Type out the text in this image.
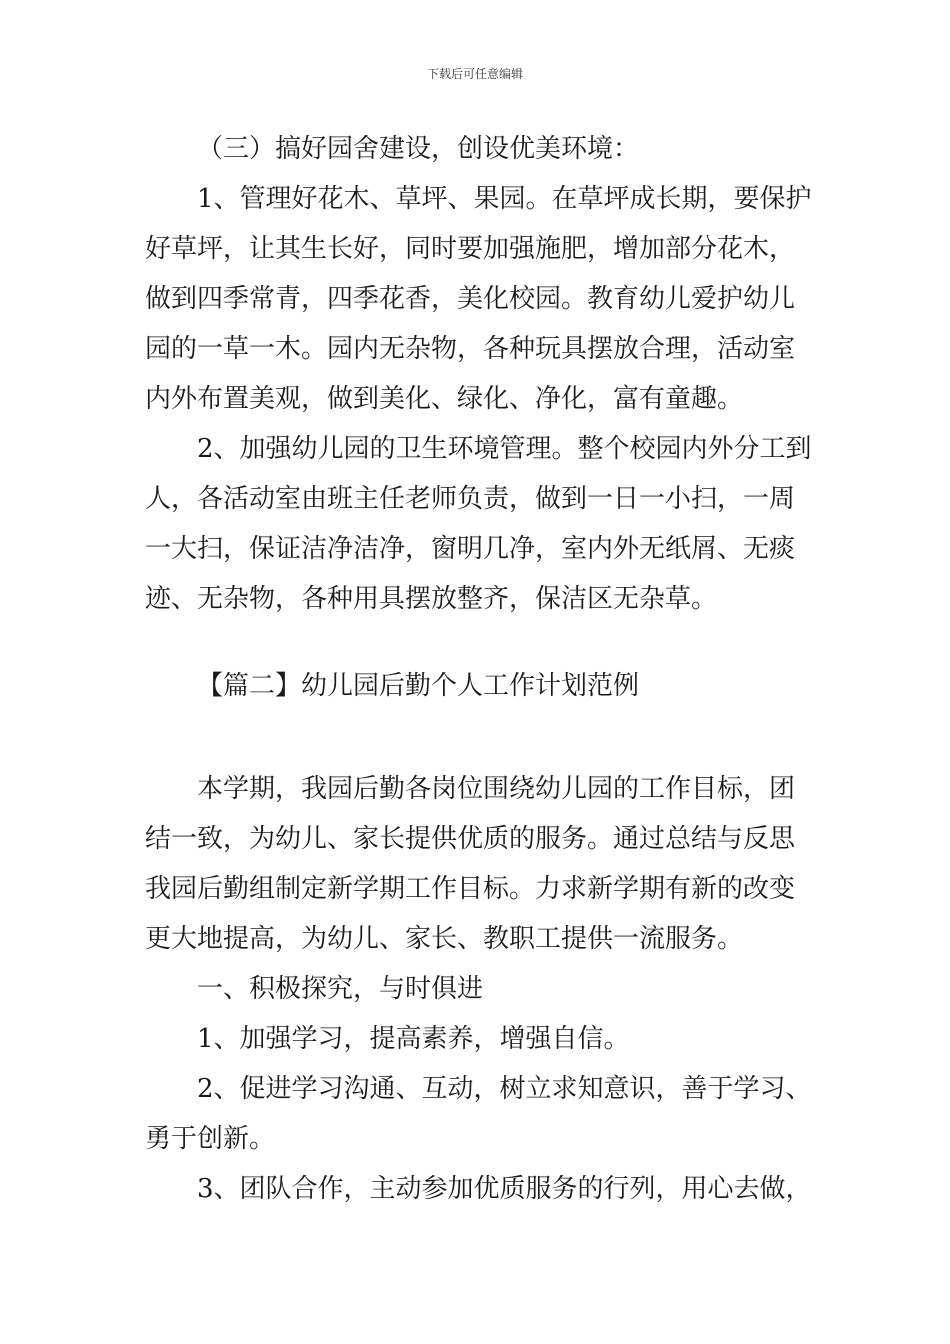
下载后可任意编辑
（三）搞好园舍建设，创设优美环境：
1、管理好花木、草坪、果园。在草坪成长期，要保护
好草坪，让其生长好，同时要加强施肥，增加部分花木，
做到四季常青，四季花香，美化校园。教育幼儿爱护幼儿
园的一草一木。园内无杂物，各种玩具摆放合理，活动室
内外布置美观，做到美化、绿化、净化，富有童趣。
2、加强幼儿园的卫生环境管理。整个校园内外分工到
人，各活动室由班主任老师负责，做到一日一小扫，一周
一大扫，保证洁净洁净，窗明几净，室内外无纸屑、无痰
迹、无杂物，各种用具摆放整齐，保洁区无杂草。
【篇二】幼儿园后勤个人工作计划范例
本学期，我园后勤各岗位围绕幼儿园的工作目标，团
结一致，为幼儿、家长提供优质的服务。通过总结与反思
我园后勤组制定新学期工作目标。力求新学期有新的改变
更大地提高，为幼儿、家长、教职工提供一流服务。
一、积极探究，与时俱进
1、加强学习，提高素养，增强自信。
2、促进学习沟通、互动，树立求知意识，善于学习、
勇于创新。
3、团队合作，主动参加优质服务的行列，用心去做，
